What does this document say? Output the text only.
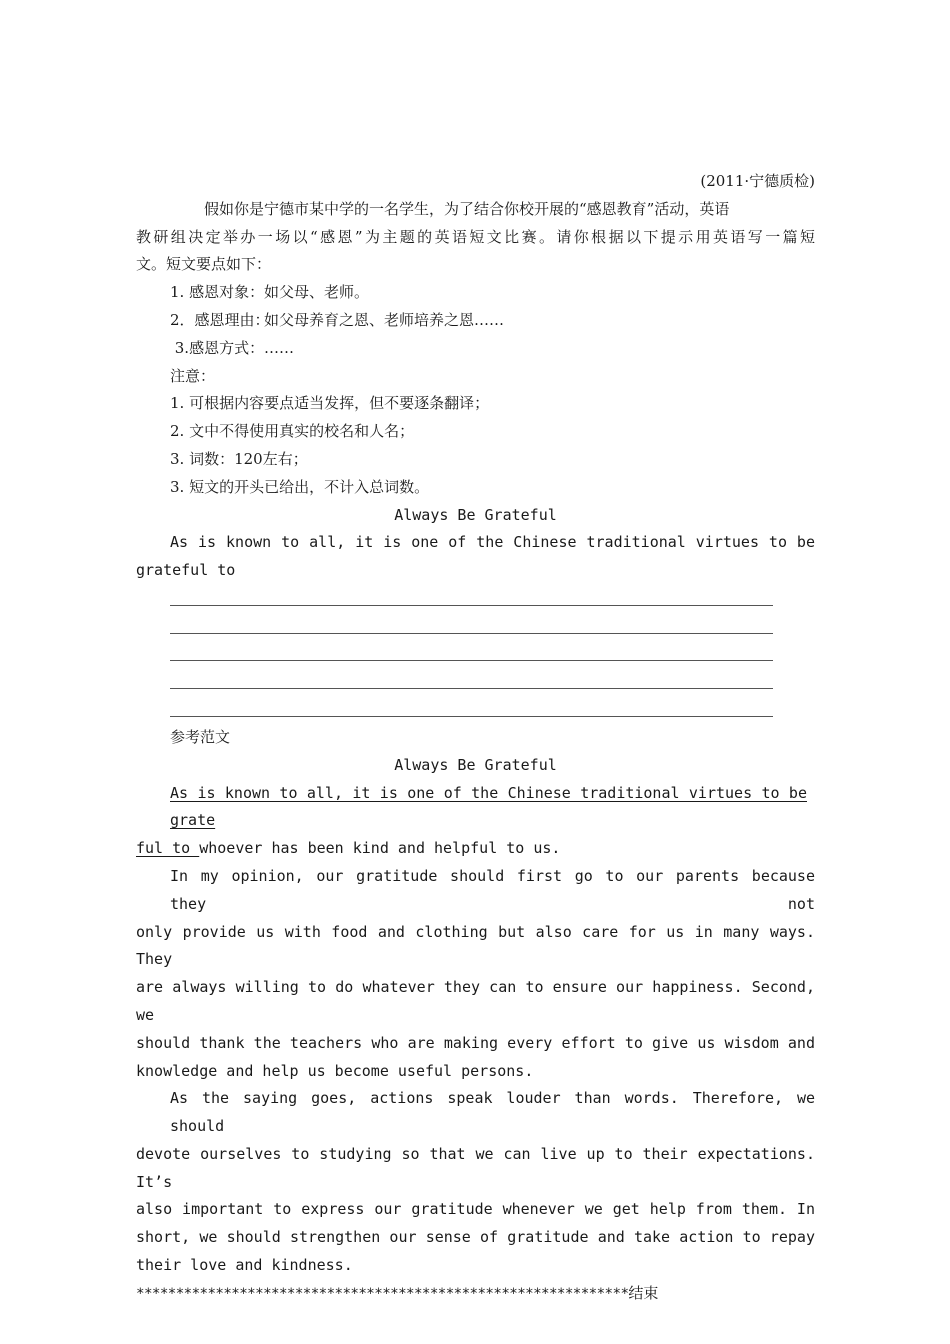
(2011·宁德质检)
假如你是宁德市某中学的一名学生，为了结合你校开展的“感恩教育”活动，英语
教研组决定举办一场以“感恩”为主题的英语短文比赛。请你根据以下提示用英语写一篇短
文。短文要点如下：
1. 感恩对象：如父母、老师。
2．感恩理由：如父母养育之恩、老师培养之恩……
3.感恩方式：……
注意：
1. 可根据内容要点适当发挥，但不要逐条翻译；
2. 文中不得使用真实的校名和人名；
3. 词数：120左右；
3. 短文的开头已给出，不计入总词数。
Always Be Grateful
As is known to all, it is one of the Chinese traditional virtues to be
grateful to
参考范文
Always Be Grateful
As is known to all, it is one of the Chinese traditional virtues to be grate
ful to whoever has been kind and helpful to us.
In my opinion, our gratitude should first go to our parents because they not
only provide us with food and clothing but also care for us in many ways. They
are always willing to do whatever they can to ensure our happiness. Second, we
should thank the teachers who are making every effort to give us wisdom and
knowledge and help us become useful persons.
As the saying goes, actions speak louder than words. Therefore, we should
devote ourselves to studying so that we can live up to their expectations. It’s
also important to express our gratitude whenever we get help from them. In
short, we should strengthen our sense of gratitude and take action to repay
their love and kindness.
**************************************************************结束
